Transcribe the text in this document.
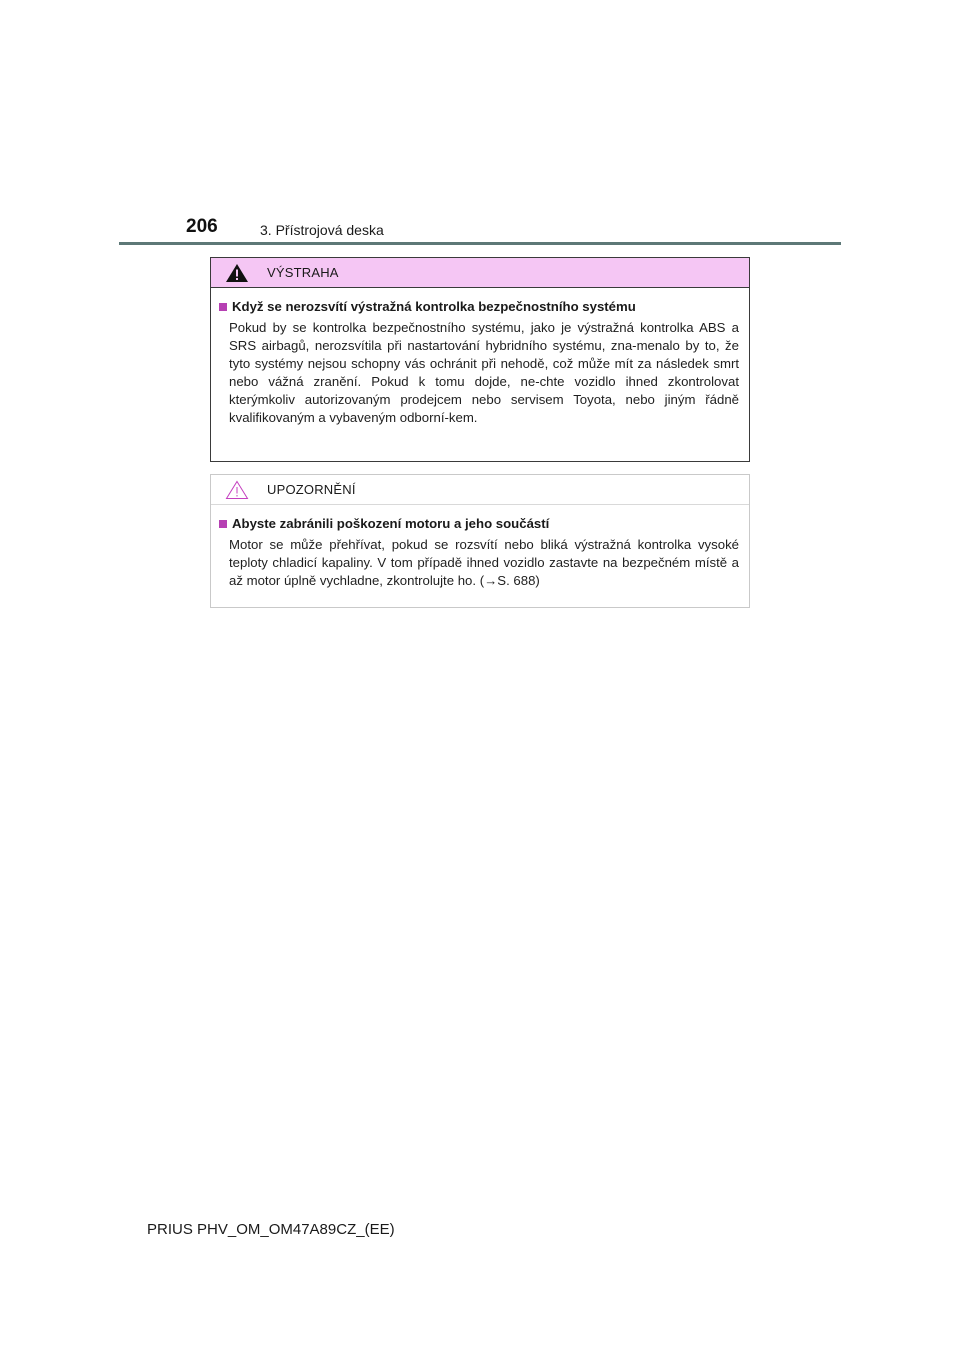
206	3. Přístrojová deska
VÝSTRAHA
Když se nerozsvítí výstražná kontrolka bezpečnostního systému
Pokud by se kontrolka bezpečnostního systému, jako je výstražná kontrolka ABS a SRS airbagů, nerozsvítila při nastartování hybridního systému, zna-menalo by to, že tyto systémy nejsou schopny vás ochránit při nehodě, což může mít za následek smrt nebo vážná zranění. Pokud k tomu dojde, ne-chte vozidlo ihned zkontrolovat kterýmkoliv autorizovaným prodejcem nebo servisem Toyota, nebo jiným řádně kvalifikovaným a vybaveným odborní-kem.
UPOZORNĚNÍ
Abyste zabránili poškození motoru a jeho součástí
Motor se může přehřívat, pokud se rozsvítí nebo bliká výstražná kontrolka vysoké teploty chladicí kapaliny. V tom případě ihned vozidlo zastavte na bezpečném místě a až motor úplně vychladne, zkontrolujte ho. (→S. 688)
PRIUS PHV_OM_OM47A89CZ_(EE)
